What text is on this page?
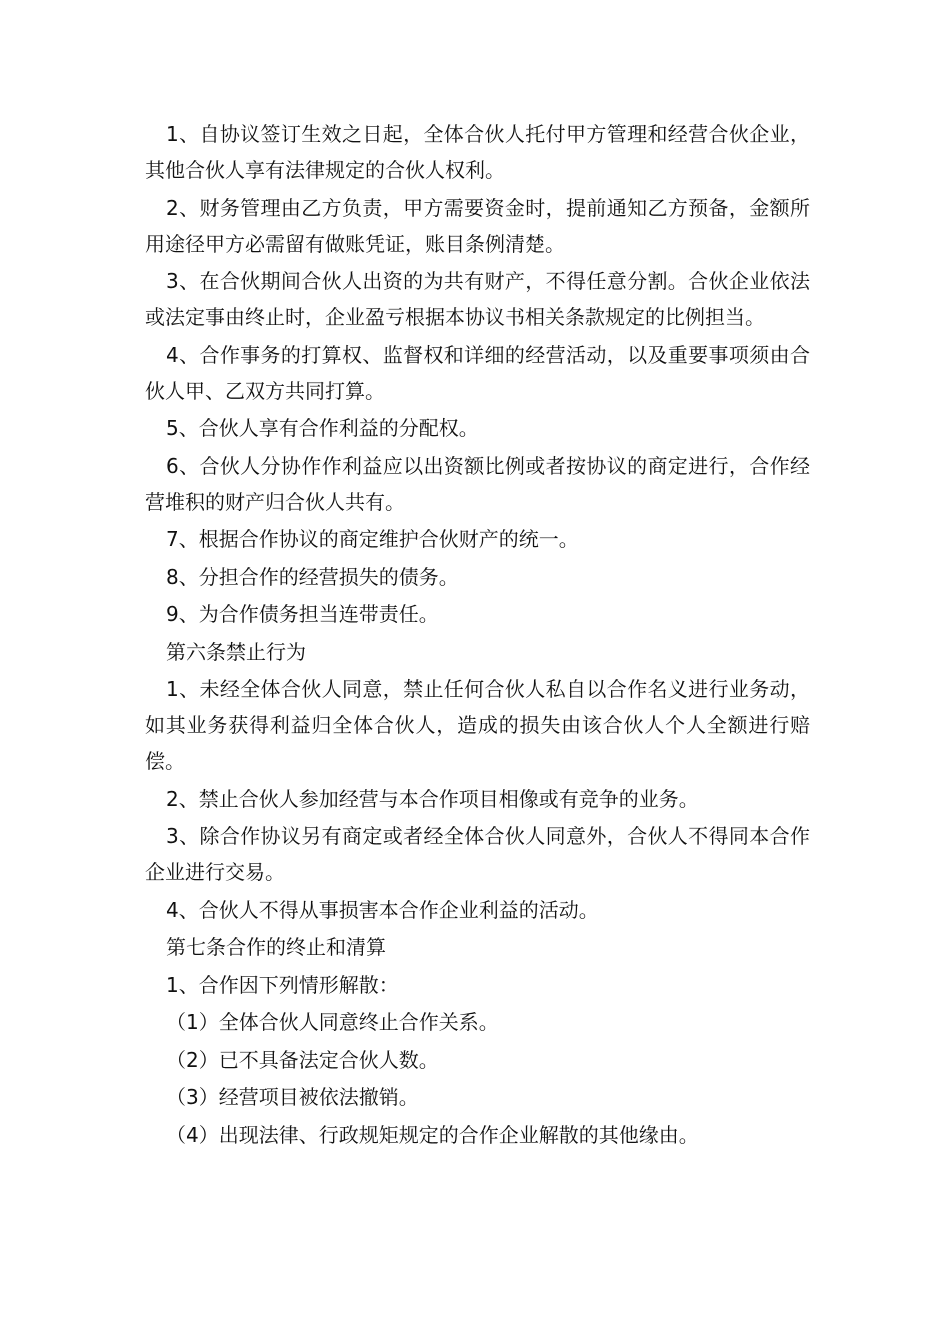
1、自协议签订生效之日起，全体合伙人托付甲方管理和经营合伙企业，其他合伙人享有法律规定的合伙人权利。

2、财务管理由乙方负责，甲方需要资金时，提前通知乙方预备，金额所用途径甲方必需留有做账凭证，账目条例清楚。

3、在合伙期间合伙人出资的为共有财产，不得任意分割。合伙企业依法或法定事由终止时，企业盈亏根据本协议书相关条款规定的比例担当。

4、合作事务的打算权、监督权和详细的经营活动，以及重要事项须由合伙人甲、乙双方共同打算。

5、合伙人享有合作利益的分配权。

6、合伙人分协作作利益应以出资额比例或者按协议的商定进行，合作经营堆积的财产归合伙人共有。

7、根据合作协议的商定维护合伙财产的统一。

8、分担合作的经营损失的债务。

9、为合作债务担当连带责任。

第六条禁止行为

1、未经全体合伙人同意，禁止任何合伙人私自以合作名义进行业务动，如其业务获得利益归全体合伙人，造成的损失由该合伙人个人全额进行赔偿。

2、禁止合伙人参加经营与本合作项目相像或有竞争的业务。

3、除合作协议另有商定或者经全体合伙人同意外，合伙人不得同本合作企业进行交易。

4、合伙人不得从事损害本合作企业利益的活动。

第七条合作的终止和清算

1、合作因下列情形解散：

（1）全体合伙人同意终止合作关系。

（2）已不具备法定合伙人数。

（3）经营项目被依法撤销。

（4）出现法律、行政规矩规定的合作企业解散的其他缘由。
